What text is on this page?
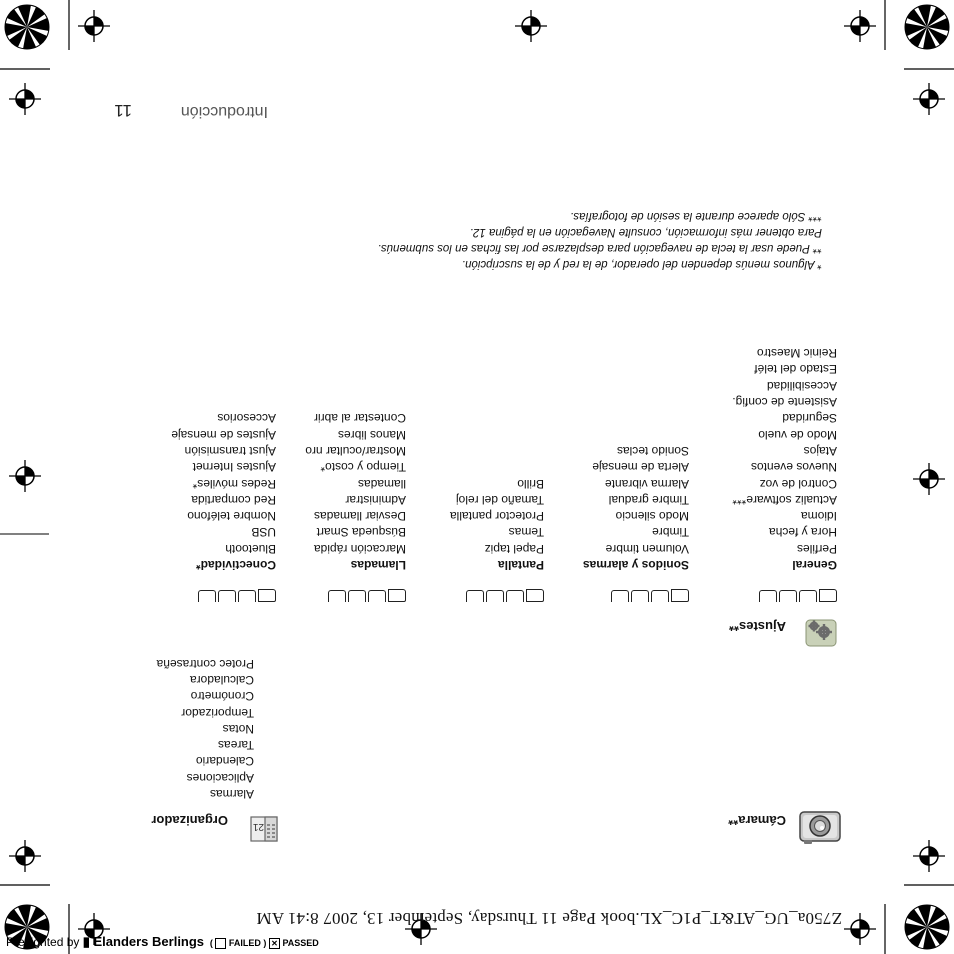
Z750a_UG_AT&T_P1C_XL.book Page 11 Thursday, September 13, 2007 8:41 AM
Cámara**
21
Organizador
Alarmas
Aplicaciones
Calendario
Tareas
Notas
Temporizador
Cronómetro
Calculadora
Protec contraseña
Ajustes**
General
Perfiles
Hora y fecha
Idioma
Actualiz software***
Control de voz
Nuevos eventos
Atajos
Modo de vuelo
Seguridad
Asistente de config.
Accesibilidad
Estado del teléf
Reinic Maestro
Sonidos y alarmas
Volumen timbre
Timbre
Modo silencio
Timbre gradual
Alarma vibrante
Alerta de mensaje
Sonido teclas
Pantalla
Papel tapiz
Temas
Protector pantalla
Tamaño del reloj
Brillo
Llamadas
Marcación rápida
Búsqueda Smart
Desviar llamadas
Administrar
llamadas
Tiempo y costo*
Mostrar/ocultar nro
Manos libres
Contestar al abrir
Conectividad*
Bluetooth
USB
Nombre teléfono
Red compartida
Redes móviles*
Ajustes Internet
Ajust transmisión
Ajustes de mensaje
Accesorios
* Algunos menús dependen del operador, de la red y de la suscripción.
** Puede usar la tecla de navegación para desplazarse por las fichas en los submenús.
Para obtener más información, consulte Navegación en la página 12.
*** Sólo aparece durante la sesión de fotografías.
Introducción
11
Preflighted by ▮ Elanders Berlings  (  FAILED ) ✕ PASSED
